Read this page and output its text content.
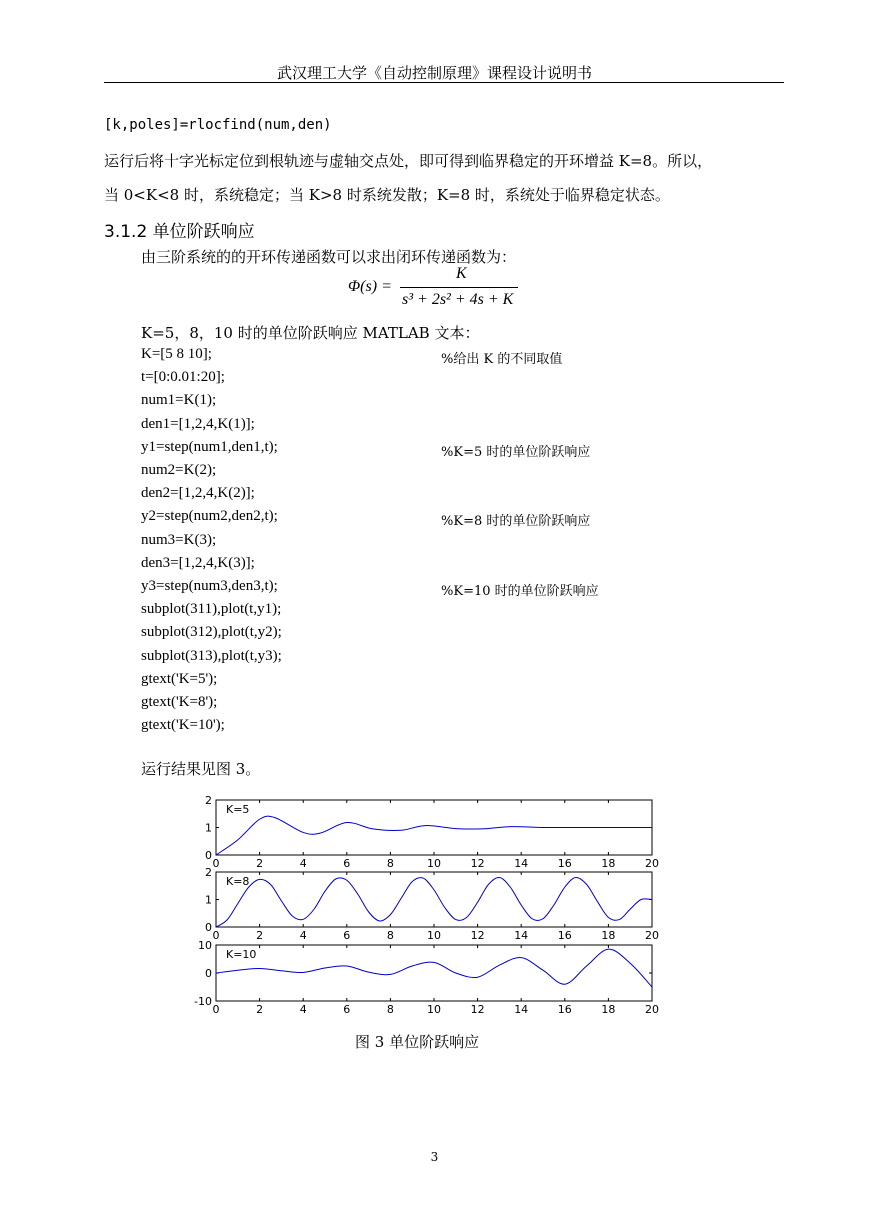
武汉理工大学《自动控制原理》课程设计说明书
[k,poles]=rlocfind(num,den)
运行后将十字光标定位到根轨迹与虚轴交点处，即可得到临界稳定的开环增益 K=8。所以，
当 0<K<8 时，系统稳定；当 K>8 时系统发散；K=8 时，系统处于临界稳定状态。
3.1.2 单位阶跃响应
由三阶系统的的开环传递函数可以求出闭环传递函数为：
Φ(s) =
K
s³ + 2s² + 4s + K
K=5，8，10 时的单位阶跃响应 MATLAB 文本：
K=[5 8 10];	%给出 K 的不同取值
t=[0:0.01:20];
num1=K(1);
den1=[1,2,4,K(1)];
y1=step(num1,den1,t);	%K=5 时的单位阶跃响应
num2=K(2);
den2=[1,2,4,K(2)];
y2=step(num2,den2,t);	%K=8 时的单位阶跃响应
num3=K(3);
den3=[1,2,4,K(3)];
y3=step(num3,den3,t);	%K=10 时的单位阶跃响应
subplot(311),plot(t,y1);
subplot(312),plot(t,y2);
subplot(313),plot(t,y3);
gtext('K=5');
gtext('K=8');
gtext('K=10');
运行结果见图 3。
0	2	4	6	8	10	12	14	16	18	20
0
1
2
K=5
0	2	4	6	8	10	12	14	16	18	20
0
1
2
K=8
0	2	4	6	8	10	12	14	16	18	20
-10
0
10
K=10
图 3 单位阶跃响应
3
